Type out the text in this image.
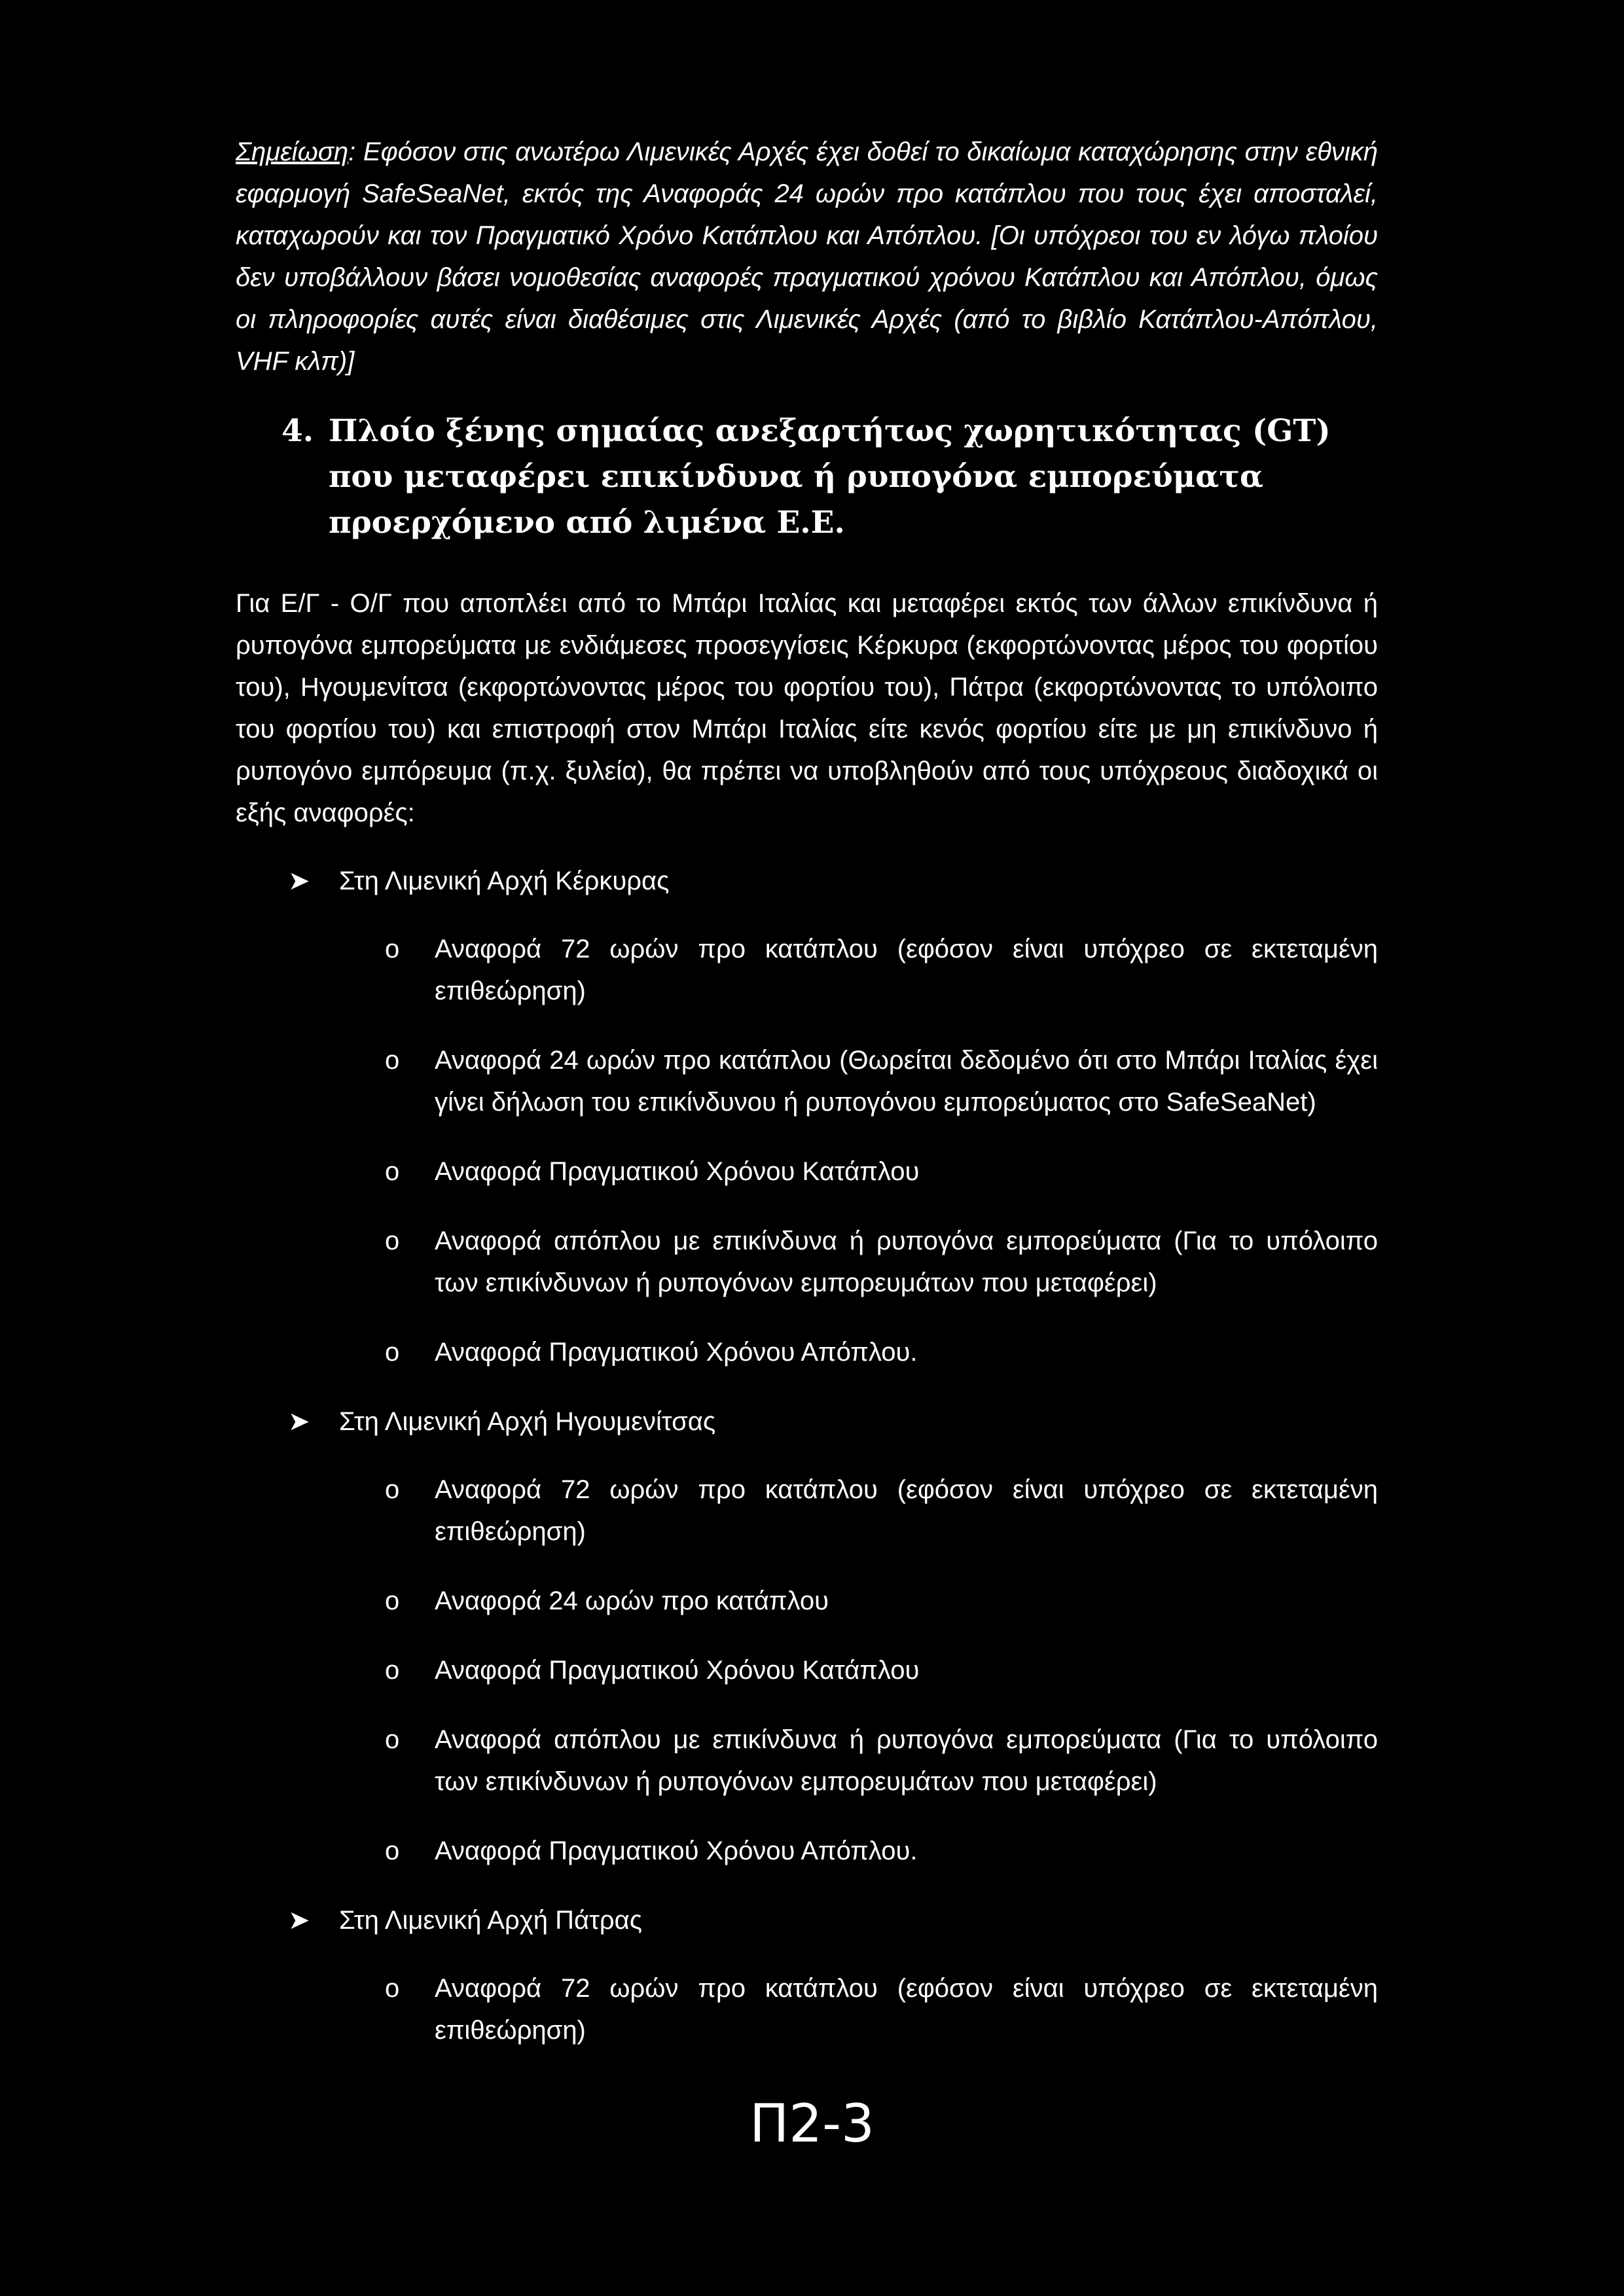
Σημείωση: Εφόσον στις ανωτέρω Λιμενικές Αρχές έχει δοθεί το δικαίωμα καταχώρησης στην εθνική εφαρμογή SafeSeaNet, εκτός της Αναφοράς 24 ωρών προ κατάπλου που τους έχει αποσταλεί, καταχωρούν και τον Πραγματικό Χρόνο Κατάπλου και Απόπλου. [Οι υπόχρεοι του εν λόγω πλοίου δεν υποβάλλουν βάσει νομοθεσίας αναφορές πραγματικού χρόνου Κατάπλου και Απόπλου, όμως οι πληροφορίες αυτές είναι διαθέσιμες στις Λιμενικές Αρχές (από το βιβλίο Κατάπλου-Απόπλου, VHF κλπ)]

4. Πλοίο ξένης σημαίας ανεξαρτήτως χωρητικότητας (GT) που μεταφέρει επικίνδυνα ή ρυπογόνα εμπορεύματα προερχόμενο από λιμένα Ε.Ε.

Για Ε/Γ - Ο/Γ που αποπλέει από το Μπάρι Ιταλίας και μεταφέρει εκτός των άλλων επικίνδυνα ή ρυπογόνα εμπορεύματα με ενδιάμεσες προσεγγίσεις Κέρκυρα (εκφορτώνοντας μέρος του φορτίου του), Ηγουμενίτσα (εκφορτώνοντας μέρος του φορτίου του), Πάτρα (εκφορτώνοντας το υπόλοιπο του φορτίου του) και επιστροφή στον Μπάρι Ιταλίας είτε κενός φορτίου είτε με μη επικίνδυνο ή ρυπογόνο εμπόρευμα (π.χ. ξυλεία), θα πρέπει να υποβληθούν από τους υπόχρεους διαδοχικά οι εξής αναφορές:

➤	Στη Λιμενική Αρχή Κέρκυρας
o	Αναφορά 72 ωρών προ κατάπλου (εφόσον είναι υπόχρεο σε εκτεταμένη επιθεώρηση)
o	Αναφορά 24 ωρών προ κατάπλου (Θωρείται δεδομένο ότι στο Μπάρι Ιταλίας έχει γίνει δήλωση του επικίνδυνου ή ρυπογόνου εμπορεύματος στο SafeSeaNet)
o	Αναφορά Πραγματικού Χρόνου Κατάπλου
o	Αναφορά απόπλου με επικίνδυνα ή ρυπογόνα εμπορεύματα (Για το υπόλοιπο των επικίνδυνων ή ρυπογόνων εμπορευμάτων που μεταφέρει)
o	Αναφορά Πραγματικού Χρόνου Απόπλου.
➤	Στη Λιμενική Αρχή Ηγουμενίτσας
o	Αναφορά 72 ωρών προ κατάπλου (εφόσον είναι υπόχρεο σε εκτεταμένη επιθεώρηση)
o	Αναφορά 24 ωρών προ κατάπλου
o	Αναφορά Πραγματικού Χρόνου Κατάπλου
o	Αναφορά απόπλου με επικίνδυνα ή ρυπογόνα εμπορεύματα (Για το υπόλοιπο των επικίνδυνων ή ρυπογόνων εμπορευμάτων που μεταφέρει)
o	Αναφορά Πραγματικού Χρόνου Απόπλου.
➤	Στη Λιμενική Αρχή Πάτρας
o	Αναφορά 72 ωρών προ κατάπλου (εφόσον είναι υπόχρεο σε εκτεταμένη επιθεώρηση)
Π2-3
